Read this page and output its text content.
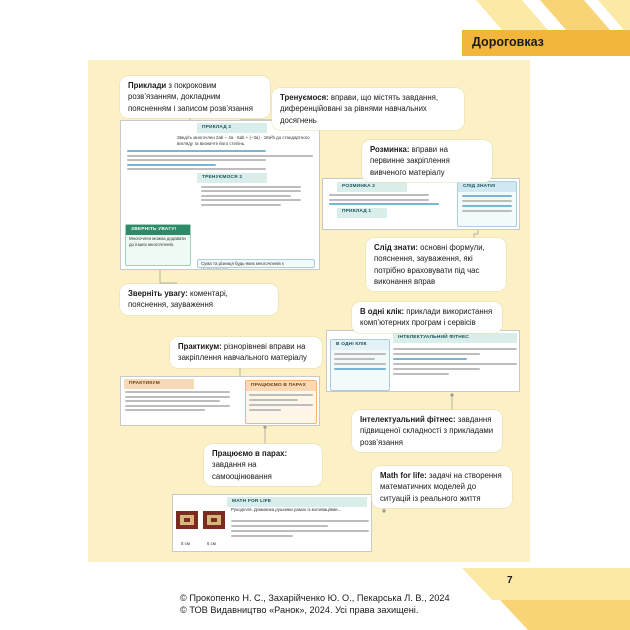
Дороговказ
ПРИКЛАД 2
Зведіть многочлен 2ab − 4a · 6ab + (−3a) · 18a²b до стандартного вигляду та визначте його степінь.
ТРЕНУЄМОСЯ 2
ЗВЕРНІТЬ УВАГУ!
Многочлен можна додавати до інших многочленів.
Сума та різниця будь-яких многочленів є многочленом.
РОЗМИНКА 2
ПРИКЛАД 1
СЛІД ЗНАТИ!
В ОДНІ КЛІК
ІНТЕЛЕКТУАЛЬНИЙ ФІТНЕС
ПРАКТИКУМ	ПРАЦЮЄМО В ПАРАХ
MATH FOR LIFE
5 см	6 см
Рукоділля. Доминика рушники рамок із мотиваціями...
Приклади з покроковим розв’язанням, докладним поясненням і записом розв’язання
Тренуємося: вправи, що містять завдання, диференційовані за рівнями навчальних досягнень
Розминка: вправи на первинне закріплення вивченого матеріалу
Слід знати: основні формули, пояснення, зауваження, які потрібно враховувати під час виконання вправ
Зверніть увагу: коментарі, пояснення, зауваження
В одні клік: приклади використання комп’ютерних програм і сервісів
Практикум: різнорівневі вправи на закріплення навчального матеріалу
Інтелектуальний фітнес: завдання підвищеної складності з прикладами розв’язання
Працюємо в парах: завдання на самооцінювання	Math for life: задачі на створення математичних моделей до ситуацій із реального життя
7
© Прокопенко Н. С., Захарійченко Ю. О., Пекарська Л. В., 2024
© ТОВ Видавництво «Ранок», 2024. Усі права захищені.
